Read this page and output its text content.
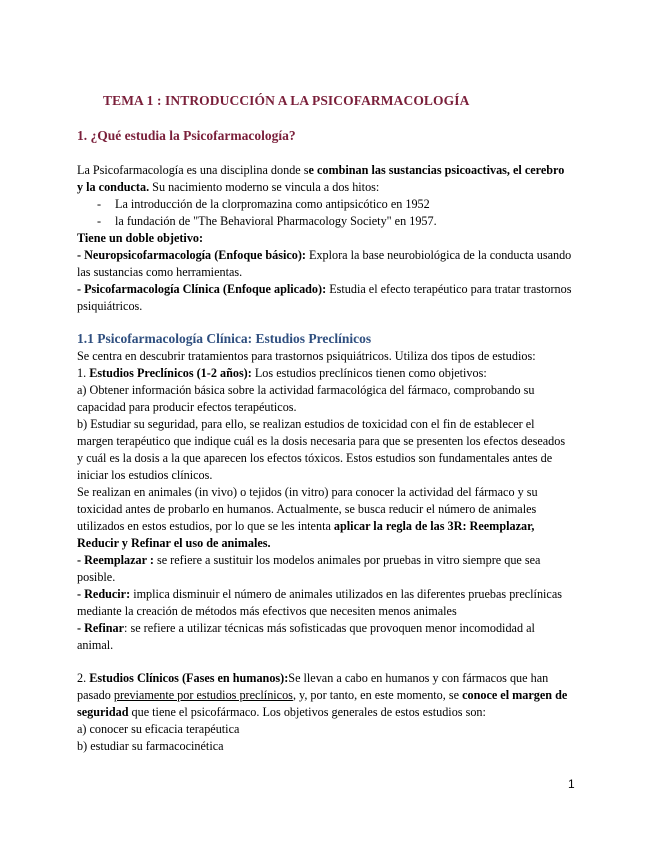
TEMA 1 : INTRODUCCIÓN A LA PSICOFARMACOLOGÍA
1. ¿Qué estudia la Psicofarmacología?

La Psicofarmacología es una disciplina donde se combinan las sustancias psicoactivas, el cerebro y la conducta. Su nacimiento moderno se vincula a dos hitos:

- La introducción de la clorpromazina como antipsicótico en 1952

- la fundación de "The Behavioral Pharmacology Society" en 1957.

Tiene un doble objetivo:

- Neuropsicofarmacología (Enfoque básico): Explora la base neurobiológica de la conducta usando las sustancias como herramientas.

- Psicofarmacología Clínica (Enfoque aplicado): Estudia el efecto terapéutico para tratar trastornos psiquiátricos.

1.1 Psicofarmacología Clínica: Estudios Preclínicos

Se centra en descubrir tratamientos para trastornos psiquiátricos. Utiliza dos tipos de estudios:

1. Estudios Preclínicos (1-2 años): Los estudios preclínicos tienen como objetivos:

a) Obtener información básica sobre la actividad farmacológica del fármaco, comprobando su capacidad para producir efectos terapéuticos.

b) Estudiar su seguridad, para ello, se realizan estudios de toxicidad con el fin de establecer el margen terapéutico que indique cuál es la dosis necesaria para que se presenten los efectos deseados y cuál es la dosis a la que aparecen los efectos tóxicos. Estos estudios son fundamentales antes de iniciar los estudios clínicos.

Se realizan en animales (in vivo) o tejidos (in vitro) para conocer la actividad del fármaco y su toxicidad antes de probarlo en humanos. Actualmente, se busca reducir el número de animales utilizados en estos estudios, por lo que se les intenta aplicar la regla de las 3R: Reemplazar, Reducir y Refinar el uso de animales.

- Reemplazar : se refiere a sustituir los modelos animales por pruebas in vitro siempre que sea posible.

- Reducir: implica disminuir el número de animales utilizados en las diferentes pruebas preclínicas mediante la creación de métodos más efectivos que necesiten menos animales

- Refinar: se refiere a utilizar técnicas más sofisticadas que provoquen menor incomodidad al animal.

2. Estudios Clínicos (Fases en humanos):Se llevan a cabo en humanos y con fármacos que han pasado previamente por estudios preclínicos, y, por tanto, en este momento, se conoce el margen de seguridad que tiene el psicofármaco. Los objetivos generales de estos estudios son:

a) conocer su eficacia terapéutica

b) estudiar su farmacocinética

1
